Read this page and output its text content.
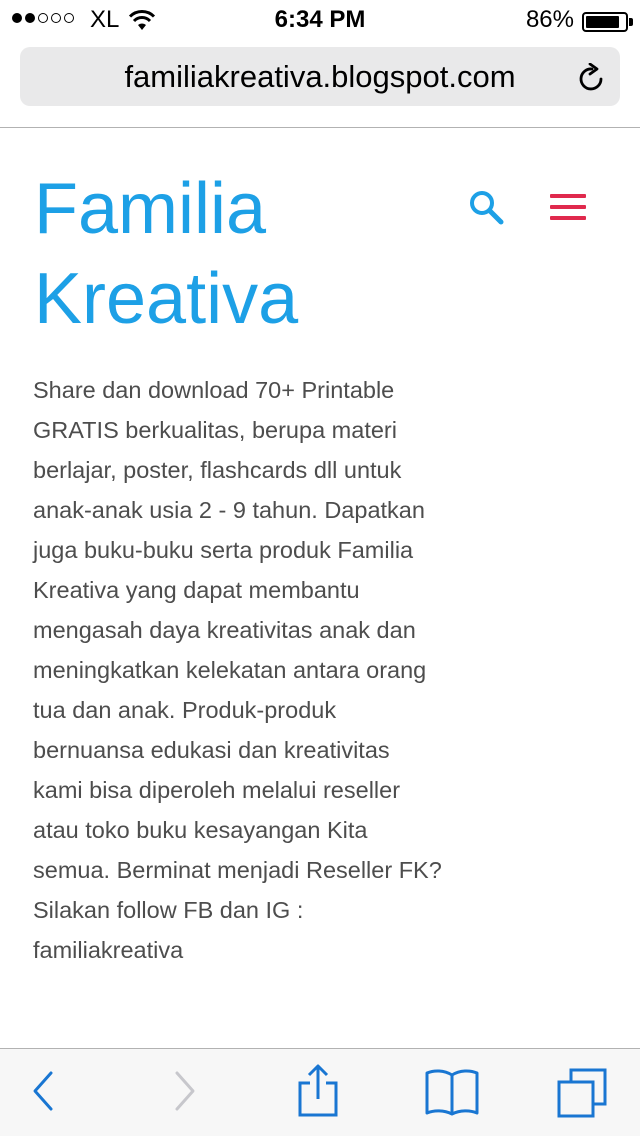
XL	6:34 PM	86%
familiakreativa.blogspot.com
Familia Kreativa

Share dan download 70+ Printable GRATIS berkualitas, berupa materi berlajar, poster, flashcards dll untuk anak-anak usia 2 - 9 tahun. Dapatkan juga buku-buku serta produk Familia Kreativa yang dapat membantu mengasah daya kreativitas anak dan meningkatkan kelekatan antara orang tua dan anak. Produk-produk bernuansa edukasi dan kreativitas kami bisa diperoleh melalui reseller atau toko buku kesayangan Kita semua. Berminat menjadi Reseller FK? Silakan follow FB dan IG : familiakreativa
